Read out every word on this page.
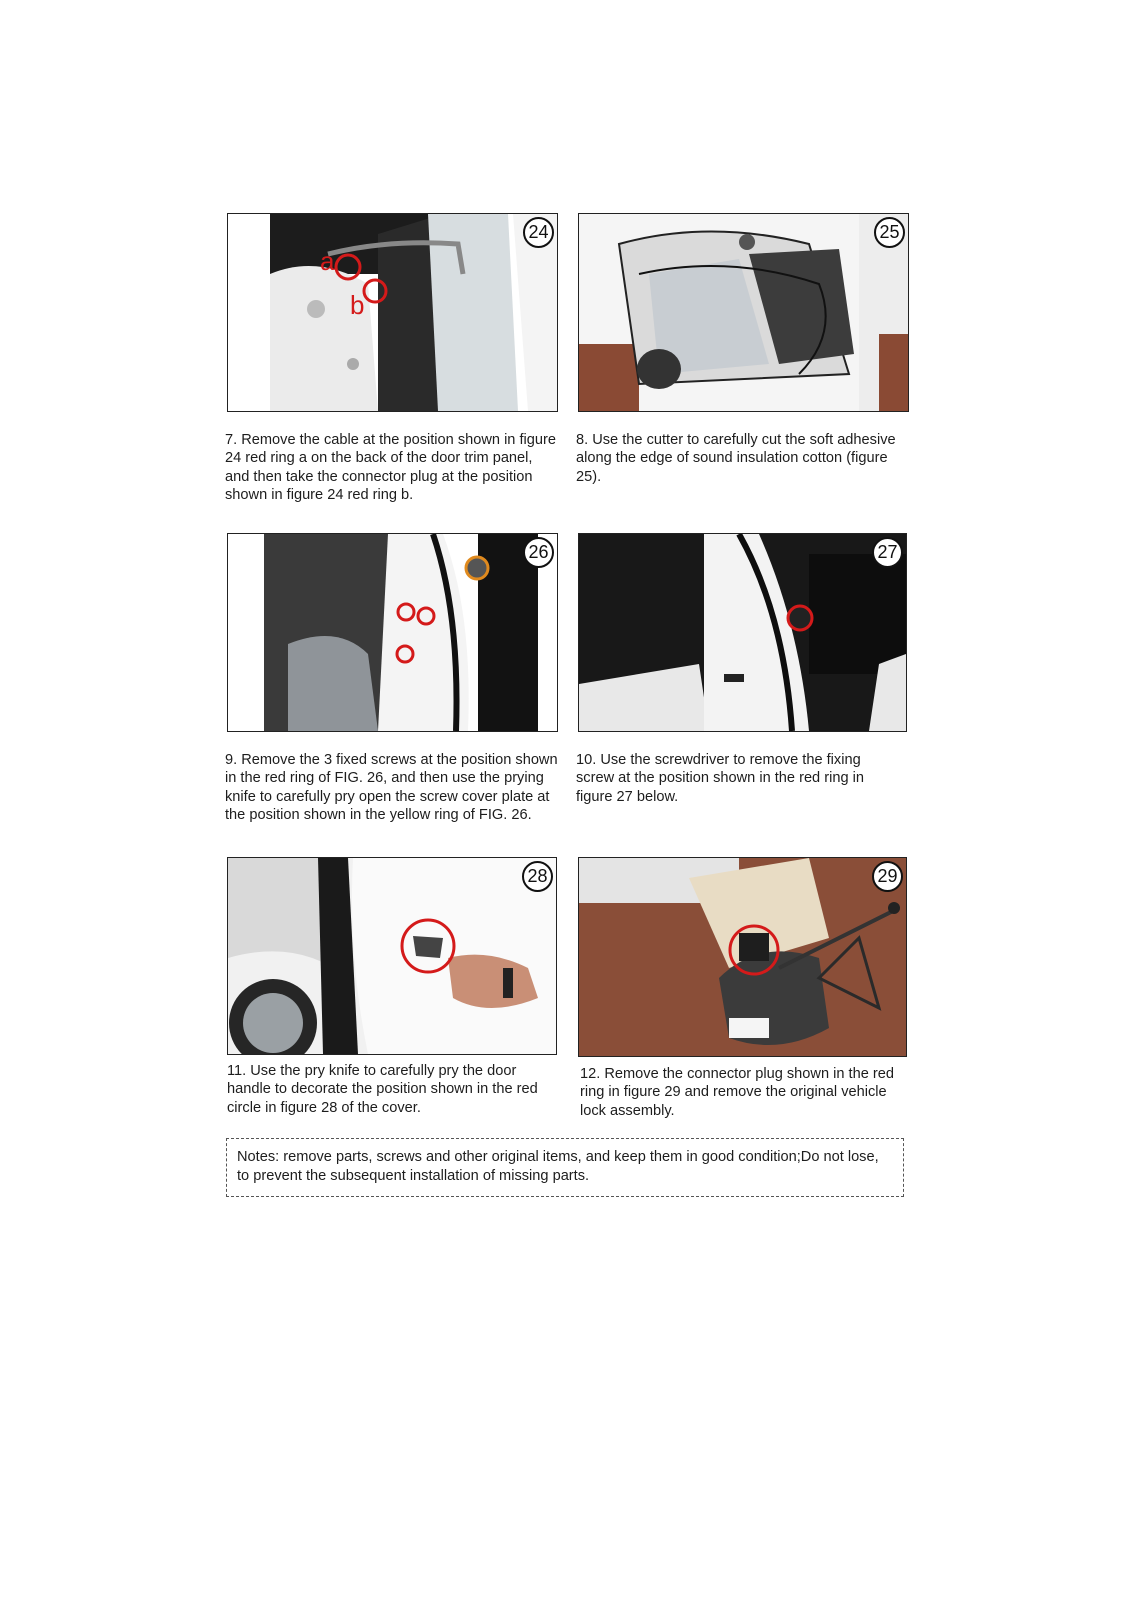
a
b
24	25

7. Remove the cable at the position shown in figure 24 red ring a on the back of the door trim panel, and then take the connector plug at the position shown in figure 24 red ring b.

8. Use the cutter to carefully cut the soft adhesive along the edge of sound insulation cotton (figure 25).

26	27

9. Remove the 3 fixed screws at the position shown in the red ring of FIG. 26, and then use the prying knife to carefully pry open the screw cover plate at the position shown in the yellow ring of FIG. 26.

10. Use the screwdriver to remove the fixing screw at the position shown in the red ring in figure 27 below.

28	29

11. Use the pry knife to carefully pry the door handle to decorate the position shown in the red circle in figure 28 of the cover.

12. Remove the connector plug shown in the red ring in figure 29 and remove the original vehicle lock assembly.

Notes: remove parts, screws and other original items, and keep them in good condition;Do not lose, to prevent the subsequent installation of missing parts.
